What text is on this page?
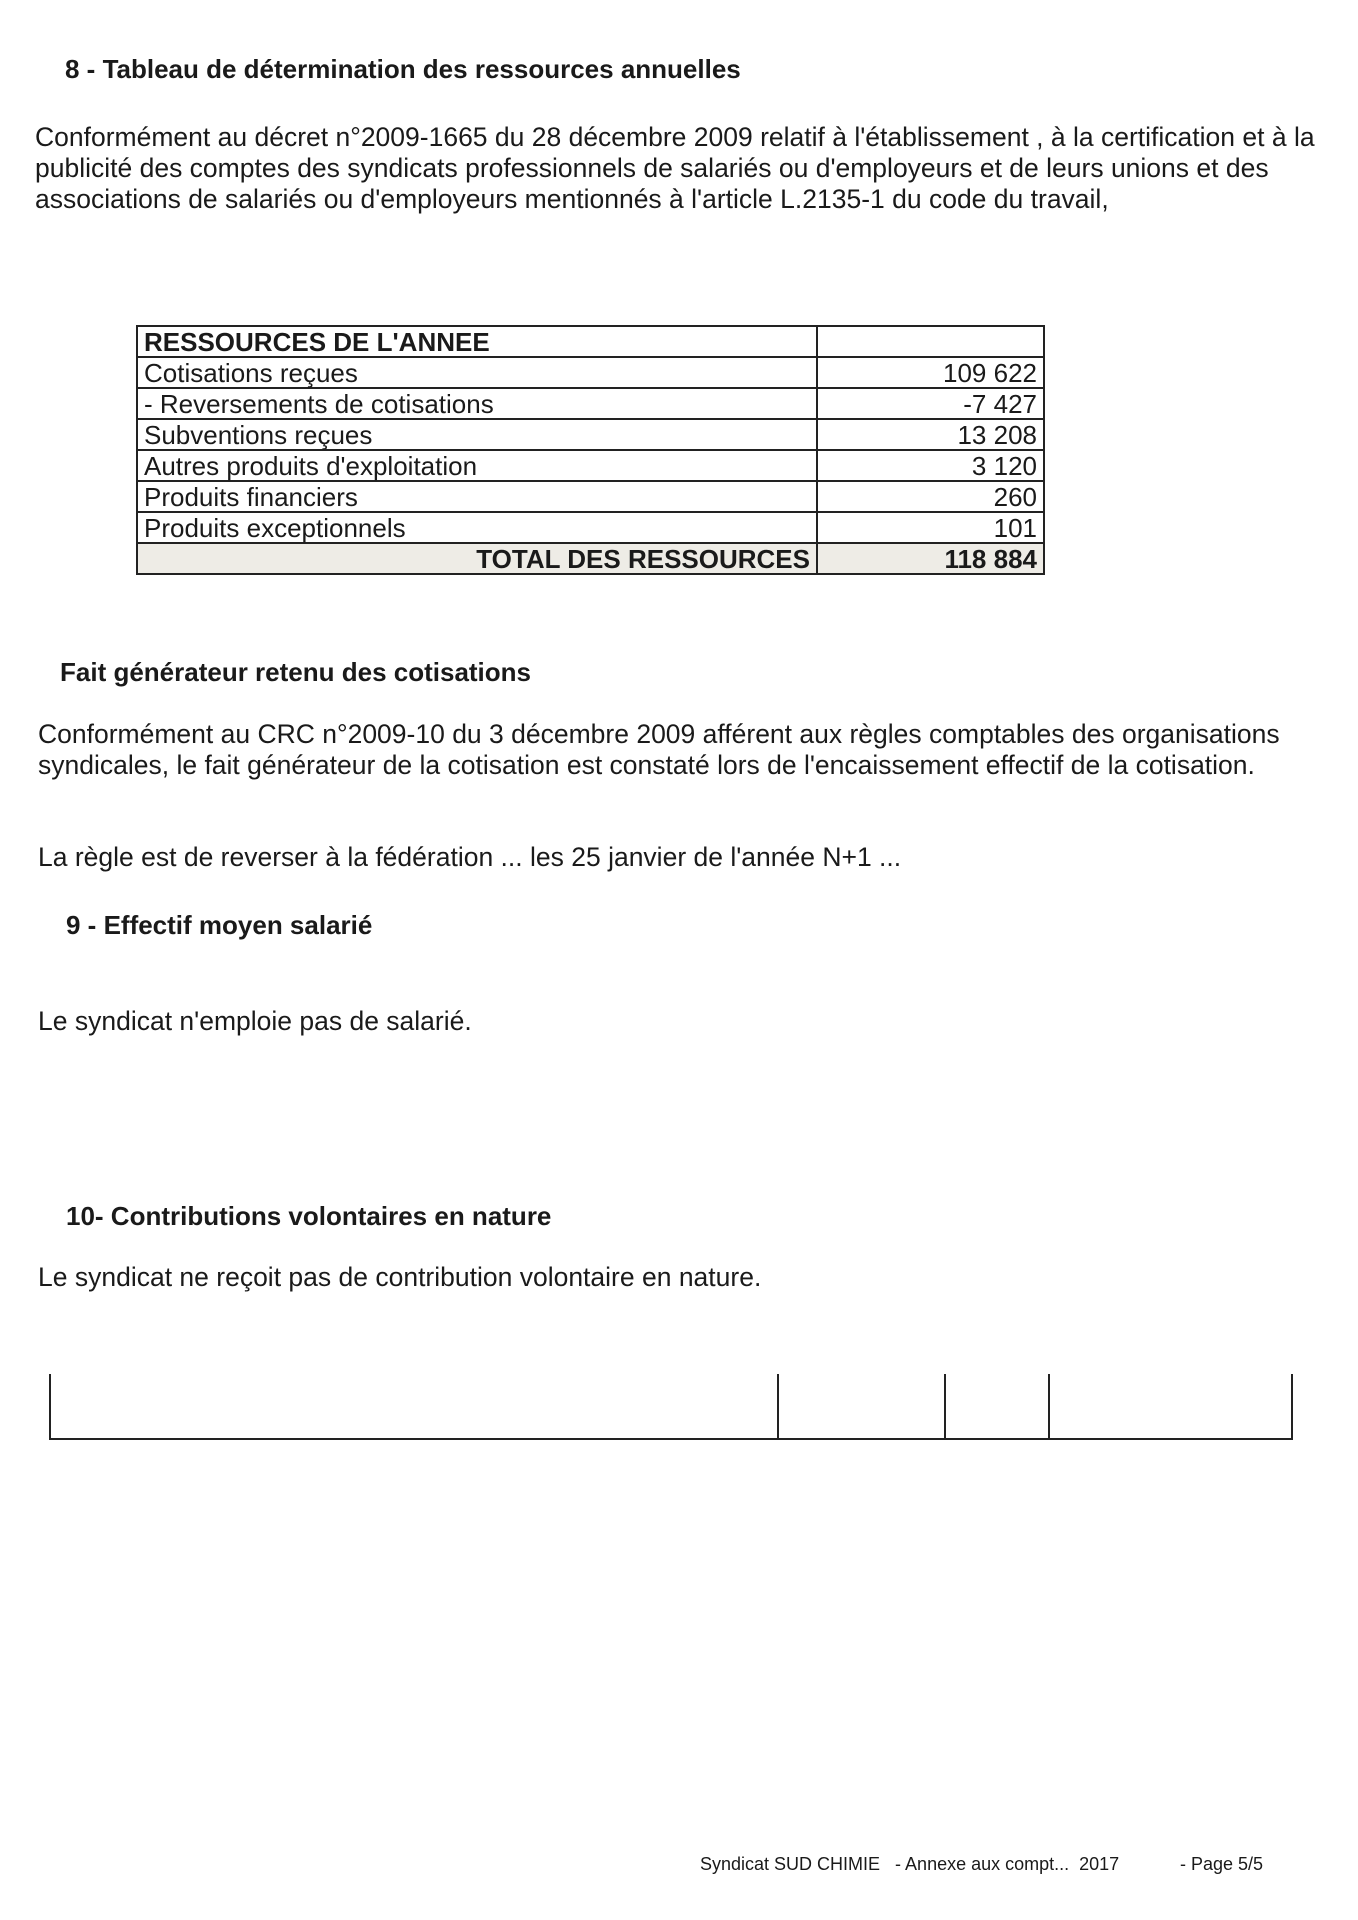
8 - Tableau de détermination des ressources annuelles

Conformément au décret n°2009-1665 du 28 décembre 2009 relatif à l'établissement , à la certification et à la publicité des comptes des syndicats professionnels de salariés ou d'employeurs et de leurs unions et des associations de salariés ou d'employeurs mentionnés à l'article L.2135-1 du code du travail,

RESSOURCES DE L'ANNEE	
Cotisations reçues	109 622
- Reversements de cotisations	-7 427
Subventions reçues	13 208
Autres produits d'exploitation	3 120
Produits financiers	260
Produits exceptionnels	101
TOTAL DES RESSOURCES	118 884
Fait générateur retenu des cotisations

Conformément au CRC n°2009-10 du 3 décembre 2009 afférent aux règles comptables des organisations syndicales, le fait générateur de la cotisation est constaté lors de l'encaissement effectif de la cotisation.

La règle est de reverser à la fédération ... les 25 janvier de l'année N+1 ...

9 - Effectif moyen salarié

Le syndicat n'emploie pas de salarié.

10- Contributions volontaires en nature

Le syndicat ne reçoit pas de contribution volontaire en nature.

Syndicat SUD CHIMIE   - Annexe aux compt...  2017	- Page 5/5
